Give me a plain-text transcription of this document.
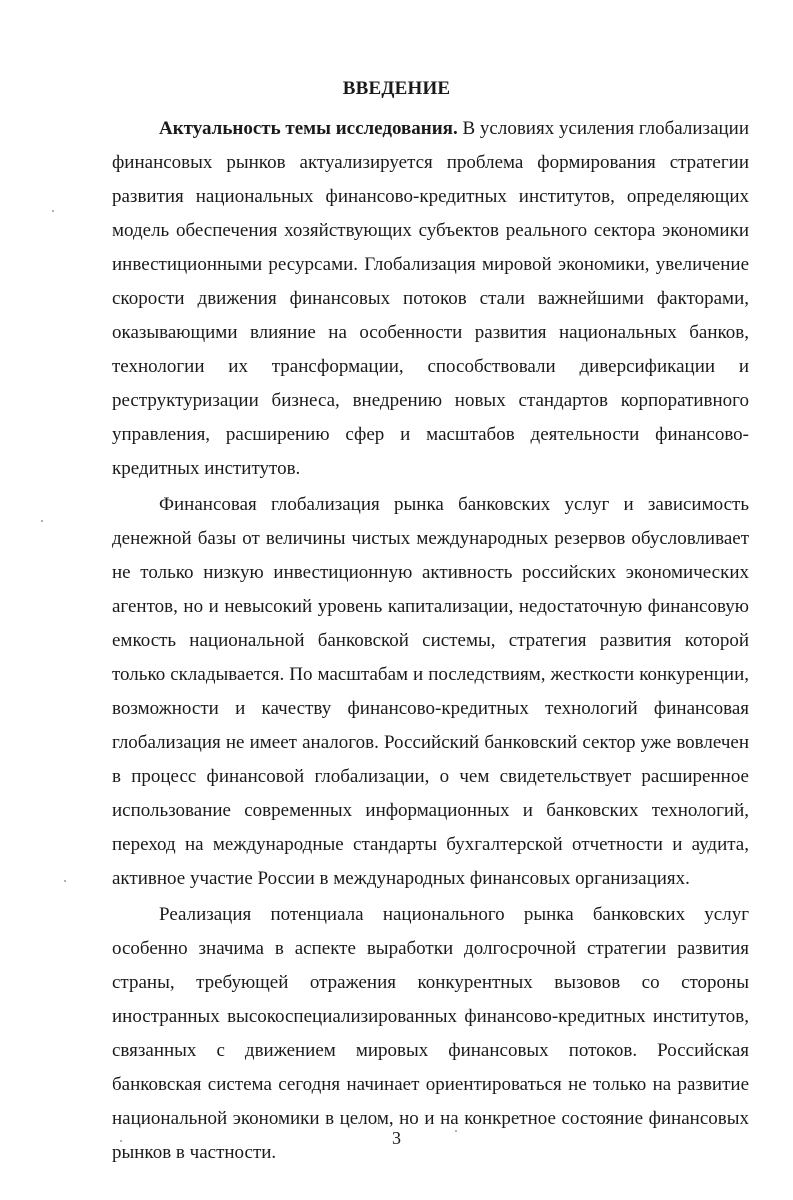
ВВЕДЕНИЕ

Актуальность темы исследования. В условиях усиления глобализации финансовых рынков актуализируется проблема формирования стратегии развития национальных финансово-кредитных институтов, определяющих модель обеспечения хозяйствующих субъектов реального сектора экономики инвестиционными ресурсами. Глобализация мировой экономики, увеличение скорости движения финансовых потоков стали важнейшими факторами, оказывающими влияние на особенности развития национальных банков, технологии их трансформации, способствовали диверсификации и реструктуризации бизнеса, внедрению новых стандартов корпоративного управления, расширению сфер и масштабов деятельности финансово-кредитных институтов.

Финансовая глобализация рынка банковских услуг и зависимость денежной базы от величины чистых международных резервов обусловливает не только низкую инвестиционную активность российских экономических агентов, но и невысокий уровень капитализации, недостаточную финансовую емкость национальной банковской системы, стратегия развития которой только складывается. По масштабам и последствиям, жесткости конкуренции, возможности и качеству финансово-кредитных технологий финансовая глобализация не имеет аналогов. Российский банковский сектор уже вовлечен в процесс финансовой глобализации, о чем свидетельствует расширенное использование современных информационных и банковских технологий, переход на международные стандарты бухгалтерской отчетности и аудита, активное участие России в международных финансовых организациях.

Реализация потенциала национального рынка банковских услуг особенно значима в аспекте выработки долгосрочной стратегии развития страны, требующей отражения конкурентных вызовов со стороны иностранных высокоспециализированных финансово-кредитных институтов, связанных с движением мировых финансовых потоков. Российская банковская система сегодня начинает ориентироваться не только на развитие национальной экономики в целом, но и на конкретное состояние финансовых рынков в частности.

3
